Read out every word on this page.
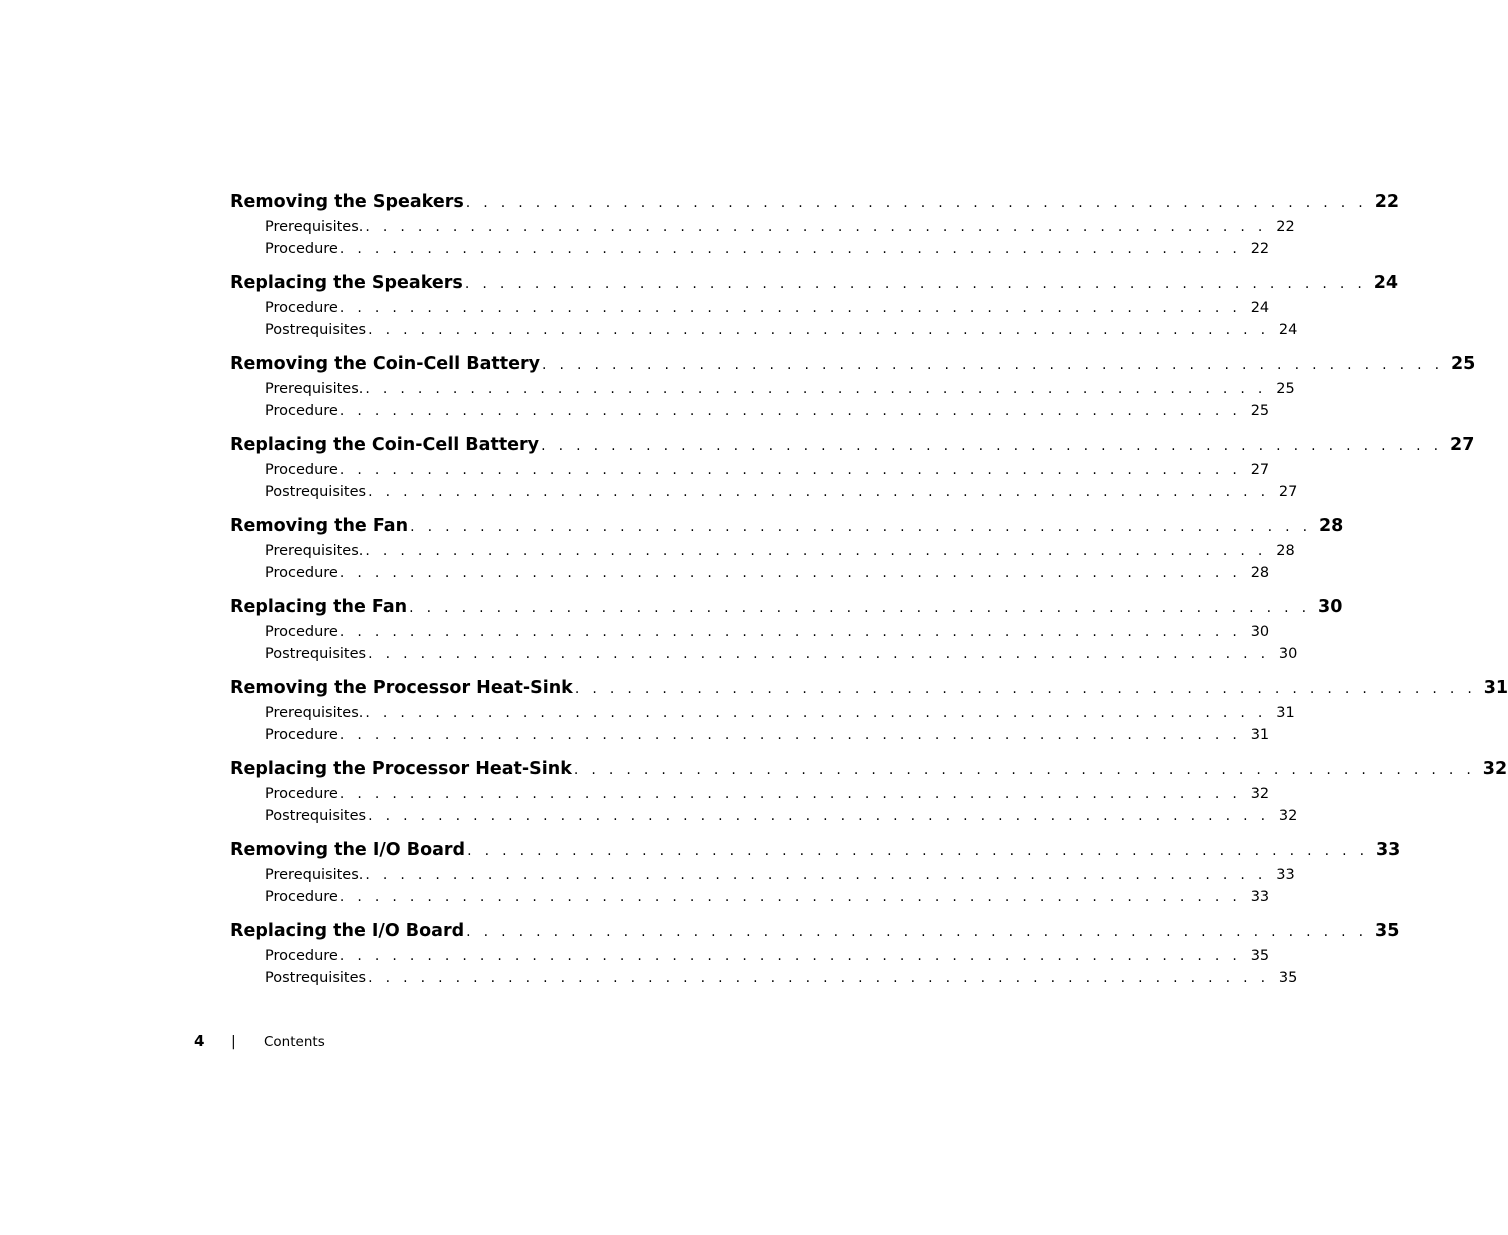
Removing the Speakers . . . . . . . . . . . . . . . . . . . . . . . . . . . . . . . . . . . . . . . . . . . . . . . . . . . . 22
Prerequisites. . . . . . . . . . . . . . . . . . . . . . . . . . . . . . . . . . . . . . . . . . . . . . . . . . . . . 22
Procedure . . . . . . . . . . . . . . . . . . . . . . . . . . . . . . . . . . . . . . . . . . . . . . . . . . . . 22
Replacing the Speakers . . . . . . . . . . . . . . . . . . . . . . . . . . . . . . . . . . . . . . . . . . . . . . . . . . . . 24
Procedure . . . . . . . . . . . . . . . . . . . . . . . . . . . . . . . . . . . . . . . . . . . . . . . . . . . . 24
Postrequisites . . . . . . . . . . . . . . . . . . . . . . . . . . . . . . . . . . . . . . . . . . . . . . . . . . . . 24
Removing the Coin-Cell Battery . . . . . . . . . . . . . . . . . . . . . . . . . . . . . . . . . . . . . . . . . . . . . . . . . . . . 25
Prerequisites. . . . . . . . . . . . . . . . . . . . . . . . . . . . . . . . . . . . . . . . . . . . . . . . . . . . . 25
Procedure . . . . . . . . . . . . . . . . . . . . . . . . . . . . . . . . . . . . . . . . . . . . . . . . . . . . 25
Replacing the Coin-Cell Battery . . . . . . . . . . . . . . . . . . . . . . . . . . . . . . . . . . . . . . . . . . . . . . . . . . . . 27
Procedure . . . . . . . . . . . . . . . . . . . . . . . . . . . . . . . . . . . . . . . . . . . . . . . . . . . . 27
Postrequisites . . . . . . . . . . . . . . . . . . . . . . . . . . . . . . . . . . . . . . . . . . . . . . . . . . . . 27
Removing the Fan . . . . . . . . . . . . . . . . . . . . . . . . . . . . . . . . . . . . . . . . . . . . . . . . . . . . 28
Prerequisites. . . . . . . . . . . . . . . . . . . . . . . . . . . . . . . . . . . . . . . . . . . . . . . . . . . . . 28
Procedure . . . . . . . . . . . . . . . . . . . . . . . . . . . . . . . . . . . . . . . . . . . . . . . . . . . . 28
Replacing the Fan . . . . . . . . . . . . . . . . . . . . . . . . . . . . . . . . . . . . . . . . . . . . . . . . . . . . 30
Procedure . . . . . . . . . . . . . . . . . . . . . . . . . . . . . . . . . . . . . . . . . . . . . . . . . . . . 30
Postrequisites . . . . . . . . . . . . . . . . . . . . . . . . . . . . . . . . . . . . . . . . . . . . . . . . . . . . 30
Removing the Processor Heat-Sink . . . . . . . . . . . . . . . . . . . . . . . . . . . . . . . . . . . . . . . . . . . . . . . . . . . . 31
Prerequisites. . . . . . . . . . . . . . . . . . . . . . . . . . . . . . . . . . . . . . . . . . . . . . . . . . . . . 31
Procedure . . . . . . . . . . . . . . . . . . . . . . . . . . . . . . . . . . . . . . . . . . . . . . . . . . . . 31
Replacing the Processor Heat-Sink . . . . . . . . . . . . . . . . . . . . . . . . . . . . . . . . . . . . . . . . . . . . . . . . . . . . 32
Procedure . . . . . . . . . . . . . . . . . . . . . . . . . . . . . . . . . . . . . . . . . . . . . . . . . . . . 32
Postrequisites . . . . . . . . . . . . . . . . . . . . . . . . . . . . . . . . . . . . . . . . . . . . . . . . . . . . 32
Removing the I/O Board . . . . . . . . . . . . . . . . . . . . . . . . . . . . . . . . . . . . . . . . . . . . . . . . . . . . 33
Prerequisites. . . . . . . . . . . . . . . . . . . . . . . . . . . . . . . . . . . . . . . . . . . . . . . . . . . . . 33
Procedure . . . . . . . . . . . . . . . . . . . . . . . . . . . . . . . . . . . . . . . . . . . . . . . . . . . . 33
Replacing the I/O Board . . . . . . . . . . . . . . . . . . . . . . . . . . . . . . . . . . . . . . . . . . . . . . . . . . . . 35
Procedure . . . . . . . . . . . . . . . . . . . . . . . . . . . . . . . . . . . . . . . . . . . . . . . . . . . . 35
Postrequisites . . . . . . . . . . . . . . . . . . . . . . . . . . . . . . . . . . . . . . . . . . . . . . . . . . . . 35
4	|	Contents
